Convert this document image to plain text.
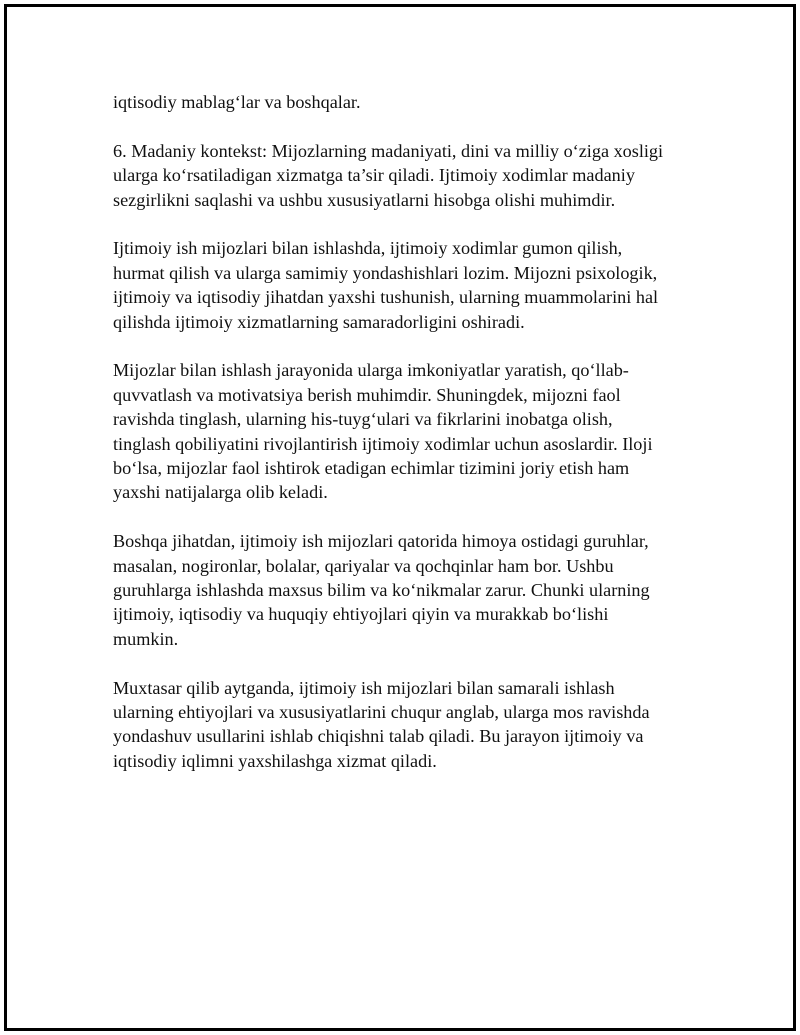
iqtisodiy mablag‘lar va boshqalar.

6. Madaniy kontekst: Mijozlarning madaniyati, dini va milliy o‘ziga xosligi
ularga ko‘rsatiladigan xizmatga ta’sir qiladi. Ijtimoiy xodimlar madaniy
sezgirlikni saqlashi va ushbu xususiyatlarni hisobga olishi muhimdir.

Ijtimoiy ish mijozlari bilan ishlashda, ijtimoiy xodimlar gumon qilish,
hurmat qilish va ularga samimiy yondashishlari lozim. Mijozni psixologik,
ijtimoiy va iqtisodiy jihatdan yaxshi tushunish, ularning muammolarini hal
qilishda ijtimoiy xizmatlarning samaradorligini oshiradi.

Mijozlar bilan ishlash jarayonida ularga imkoniyatlar yaratish, qo‘llab-
quvvatlash va motivatsiya berish muhimdir. Shuningdek, mijozni faol
ravishda tinglash, ularning his-tuyg‘ulari va fikrlarini inobatga olish,
tinglash qobiliyatini rivojlantirish ijtimoiy xodimlar uchun asoslardir. Iloji
bo‘lsa, mijozlar faol ishtirok etadigan echimlar tizimini joriy etish ham
yaxshi natijalarga olib keladi.

Boshqa jihatdan, ijtimoiy ish mijozlari qatorida himoya ostidagi guruhlar,
masalan, nogironlar, bolalar, qariyalar va qochqinlar ham bor. Ushbu
guruhlarga ishlashda maxsus bilim va ko‘nikmalar zarur. Chunki ularning
ijtimoiy, iqtisodiy va huquqiy ehtiyojlari qiyin va murakkab bo‘lishi
mumkin.

Muxtasar qilib aytganda, ijtimoiy ish mijozlari bilan samarali ishlash
ularning ehtiyojlari va xususiyatlarini chuqur anglab, ularga mos ravishda
yondashuv usullarini ishlab chiqishni talab qiladi. Bu jarayon ijtimoiy va
iqtisodiy iqlimni yaxshilashga xizmat qiladi.
